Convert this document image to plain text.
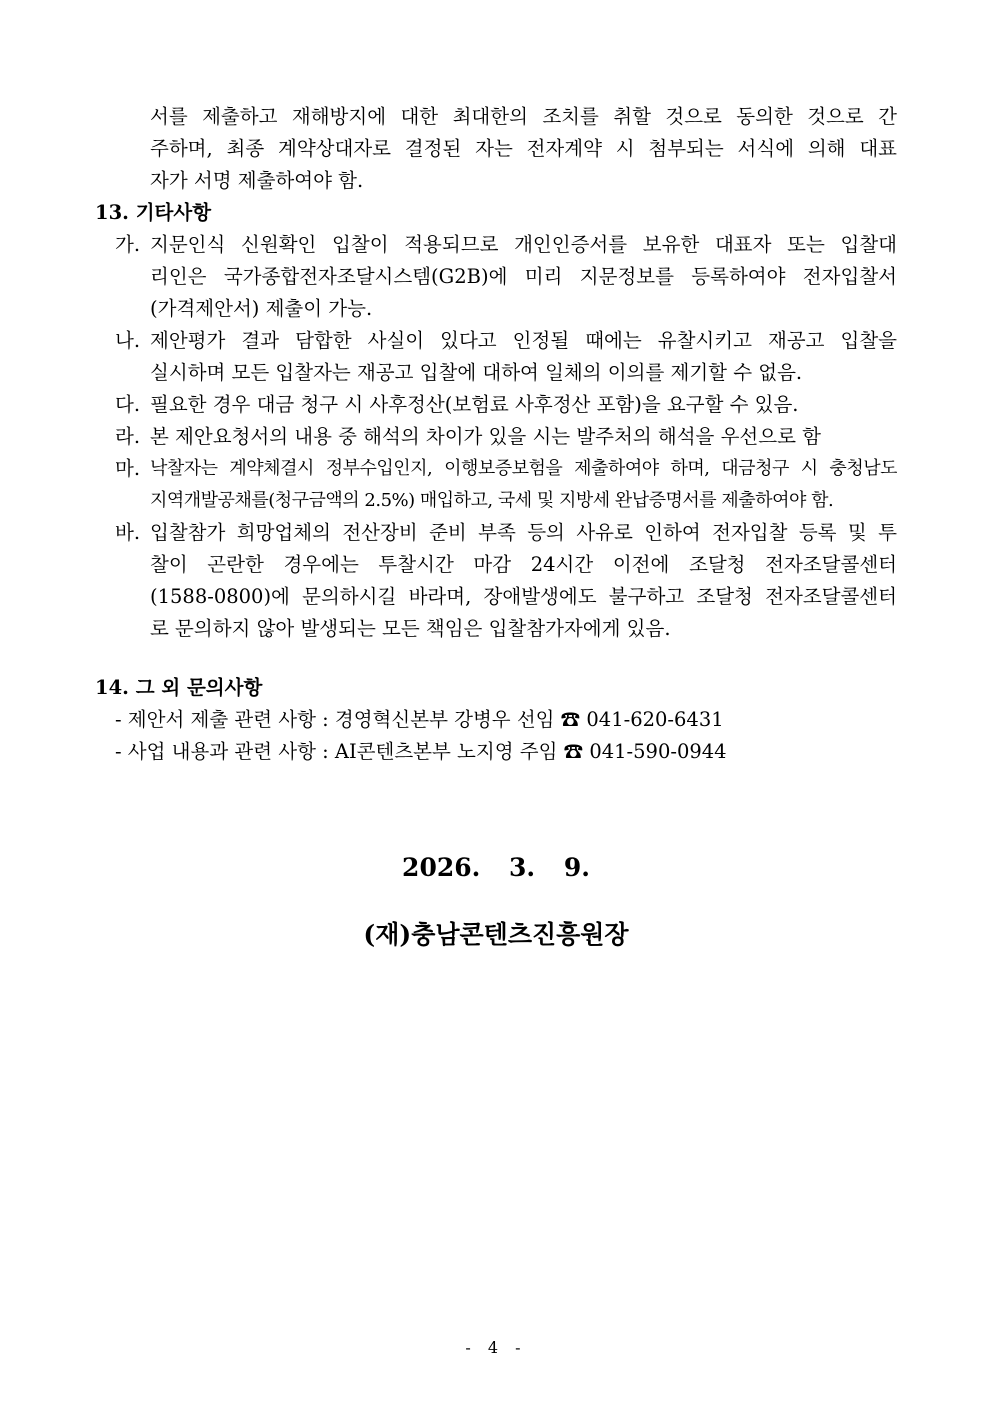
서를 제출하고 재해방지에 대한 최대한의 조치를 취할 것으로 동의한 것으로 간
주하며, 최종 계약상대자로 결정된 자는 전자계약 시 첨부되는 서식에 의해 대표
자가 서명 제출하여야 함.
13. 기타사항
가. 지문인식 신원확인 입찰이 적용되므로 개인인증서를 보유한 대표자 또는 입찰대
리인은 국가종합전자조달시스템(G2B)에 미리 지문정보를 등록하여야 전자입찰서
(가격제안서) 제출이 가능.
나. 제안평가 결과 담합한 사실이 있다고 인정될 때에는 유찰시키고 재공고 입찰을
실시하며 모든 입찰자는 재공고 입찰에 대하여 일체의 이의를 제기할 수 없음.
다. 필요한 경우 대금 청구 시 사후정산(보험료 사후정산 포함)을 요구할 수 있음.
라. 본 제안요청서의 내용 중 해석의 차이가 있을 시는 발주처의 해석을 우선으로 함
마. 낙찰자는 계약체결시 정부수입인지, 이행보증보험을 제출하여야 하며, 대금청구 시 충청남도
지역개발공채를(청구금액의 2.5%) 매입하고, 국세 및 지방세 완납증명서를 제출하여야 함.
바. 입찰참가 희망업체의 전산장비 준비 부족 등의 사유로 인하여 전자입찰 등록 및 투
찰이 곤란한 경우에는 투찰시간 마감 24시간 이전에 조달청 전자조달콜센터
(1588-0800)에 문의하시길 바라며, 장애발생에도 불구하고 조달청 전자조달콜센터
로 문의하지 않아 발생되는 모든 책임은 입찰참가자에게 있음.
14. 그 외 문의사항
- 제안서 제출 관련 사항 : 경영혁신본부 강병우 선임 ☎ 041-620-6431
- 사업 내용과 관련 사항 : AI콘텐츠본부 노지영 주임 ☎ 041-590-0944
2026. 3. 9.
(재)충남콘텐츠진흥원장
- 4 -
